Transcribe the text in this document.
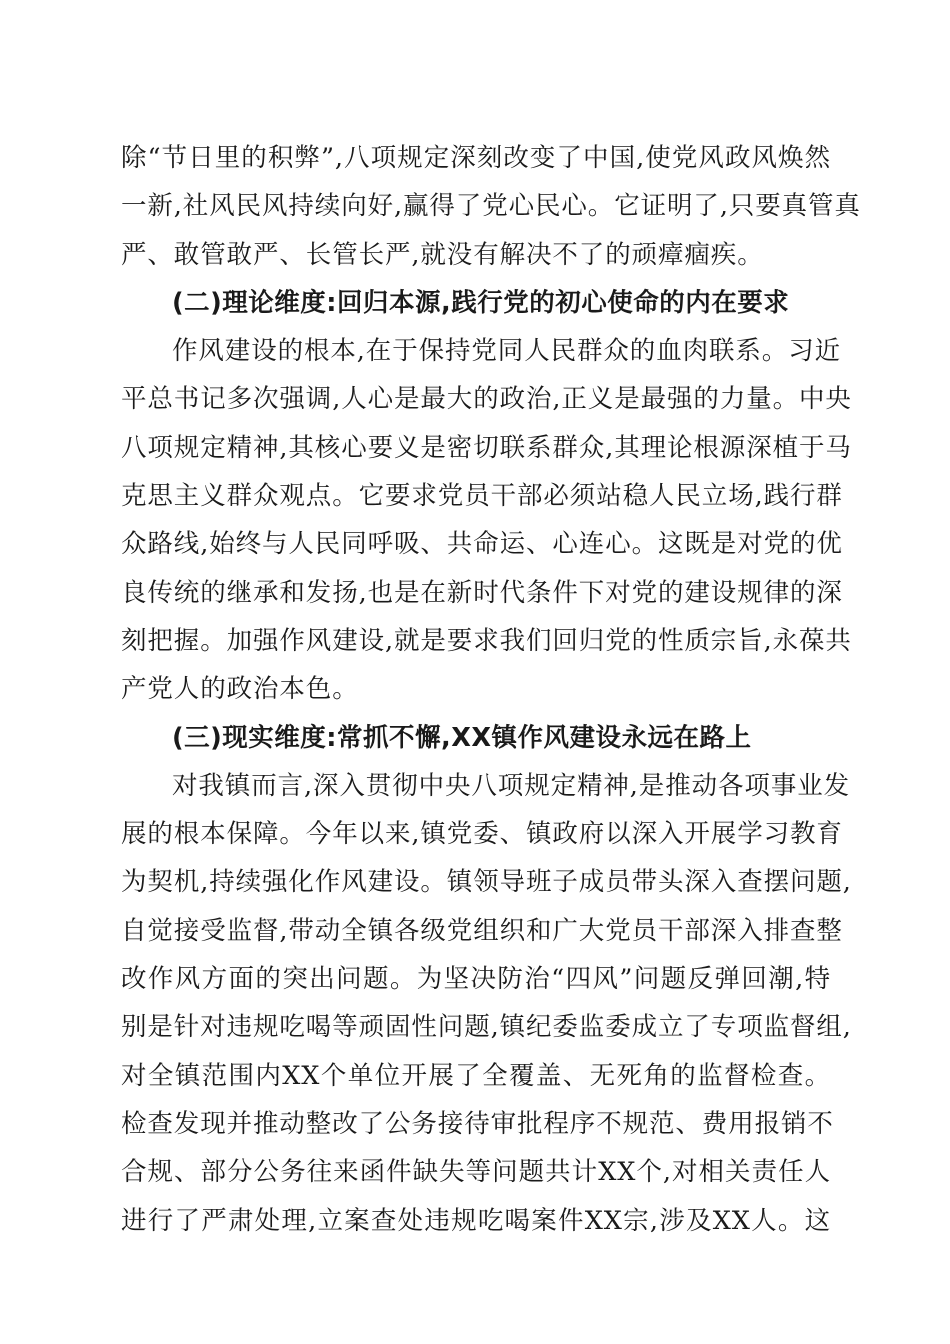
除“节日里的积弊”,八项规定深刻改变了中国,使党风政风焕然
一新,社风民风持续向好,赢得了党心民心。它证明了,只要真管真
严、敢管敢严、长管长严,就没有解决不了的顽瘴痼疾。
(二)理论维度:回归本源,践行党的初心使命的内在要求
作风建设的根本,在于保持党同人民群众的血肉联系。习近
平总书记多次强调,人心是最大的政治,正义是最强的力量。中央
八项规定精神,其核心要义是密切联系群众,其理论根源深植于马
克思主义群众观点。它要求党员干部必须站稳人民立场,践行群
众路线,始终与人民同呼吸、共命运、心连心。这既是对党的优
良传统的继承和发扬,也是在新时代条件下对党的建设规律的深
刻把握。加强作风建设,就是要求我们回归党的性质宗旨,永葆共
产党人的政治本色。
(三)现实维度:常抓不懈,XX镇作风建设永远在路上
对我镇而言,深入贯彻中央八项规定精神,是推动各项事业发
展的根本保障。今年以来,镇党委、镇政府以深入开展学习教育
为契机,持续强化作风建设。镇领导班子成员带头深入查摆问题,
自觉接受监督,带动全镇各级党组织和广大党员干部深入排查整
改作风方面的突出问题。为坚决防治“四风”问题反弹回潮,特
别是针对违规吃喝等顽固性问题,镇纪委监委成立了专项监督组,
对全镇范围内XX个单位开展了全覆盖、无死角的监督检查。
检查发现并推动整改了公务接待审批程序不规范、费用报销不
合规、部分公务往来函件缺失等问题共计XX个,对相关责任人
进行了严肃处理,立案查处违规吃喝案件XX宗,涉及XX人。这
